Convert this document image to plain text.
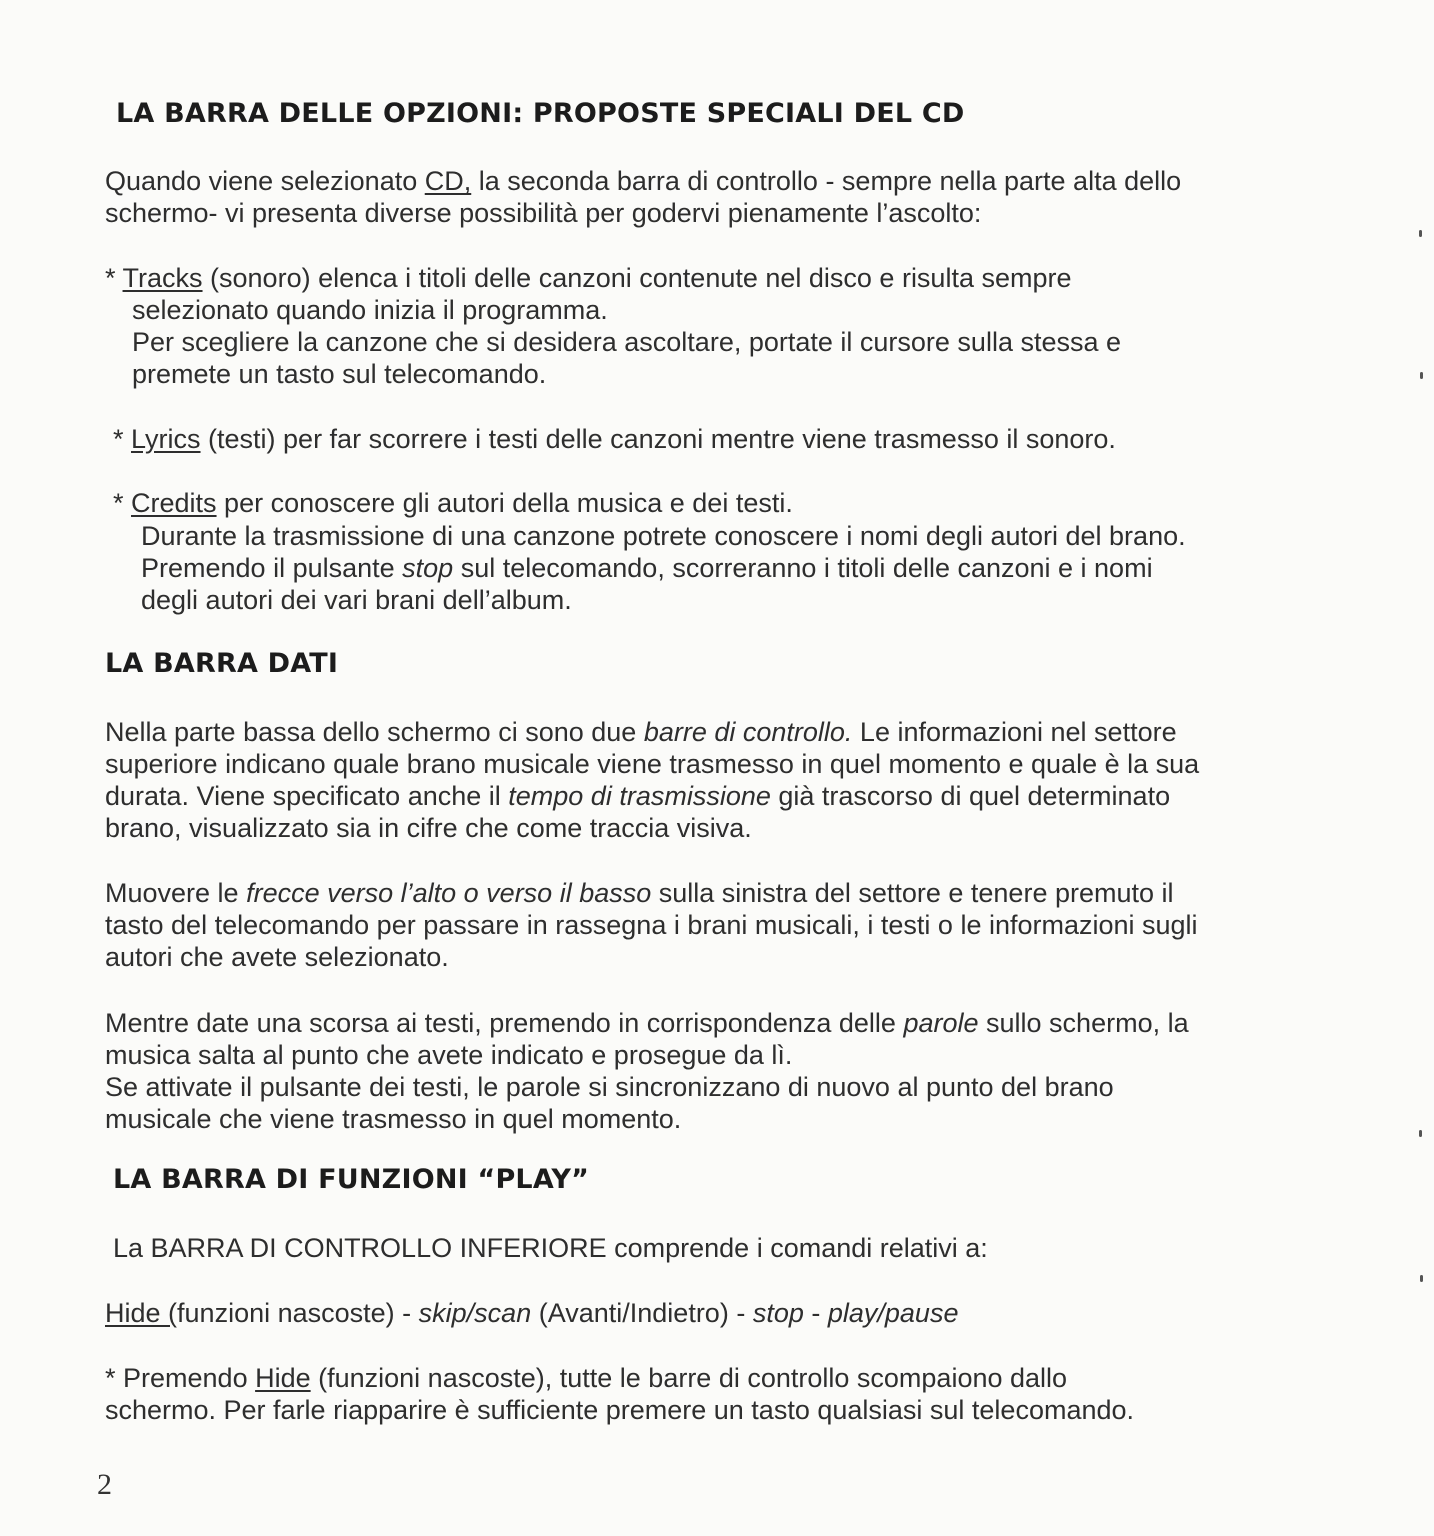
LA BARRA DELLE OPZIONI: PROPOSTE SPECIALI DEL CD
Quando viene selezionato CD, la seconda barra di controllo - sempre nella parte alta dello
schermo- vi presenta diverse possibilità per godervi pienamente l’ascolto:
* Tracks (sonoro) elenca i titoli delle canzoni contenute nel disco e risulta sempre
selezionato quando inizia il programma.
Per scegliere la canzone che si desidera ascoltare, portate il cursore sulla stessa e
premete un tasto sul telecomando.
* Lyrics (testi) per far scorrere i testi delle canzoni mentre viene trasmesso il sonoro.
* Credits per conoscere gli autori della musica e dei testi.
Durante la trasmissione di una canzone potrete conoscere i nomi degli autori del brano.
Premendo il pulsante stop sul telecomando, scorreranno i titoli delle canzoni e i nomi
degli autori dei vari brani dell’album.
LA BARRA DATI
Nella parte bassa dello schermo ci sono due barre di controllo. Le informazioni nel settore
superiore indicano quale brano musicale viene trasmesso in quel momento e quale è la sua
durata. Viene specificato anche il tempo di trasmissione già trascorso di quel determinato
brano, visualizzato sia in cifre che come traccia visiva.
Muovere le frecce verso l’alto o verso il basso sulla sinistra del settore e tenere premuto il
tasto del telecomando per passare in rassegna i brani musicali, i testi o le informazioni sugli
autori che avete selezionato.
Mentre date una scorsa ai testi, premendo in corrispondenza delle parole sullo schermo, la
musica salta al punto che avete indicato e prosegue da lì.
Se attivate il pulsante dei testi, le parole si sincronizzano di nuovo al punto del brano
musicale che viene trasmesso in quel momento.
LA BARRA DI FUNZIONI “PLAY”
La BARRA DI CONTROLLO INFERIORE comprende i comandi relativi a:
Hide (funzioni nascoste) - skip/scan (Avanti/Indietro) - stop - play/pause
* Premendo Hide (funzioni nascoste), tutte le barre di controllo scompaiono dallo
schermo. Per farle riapparire è sufficiente premere un tasto qualsiasi sul telecomando.
2
